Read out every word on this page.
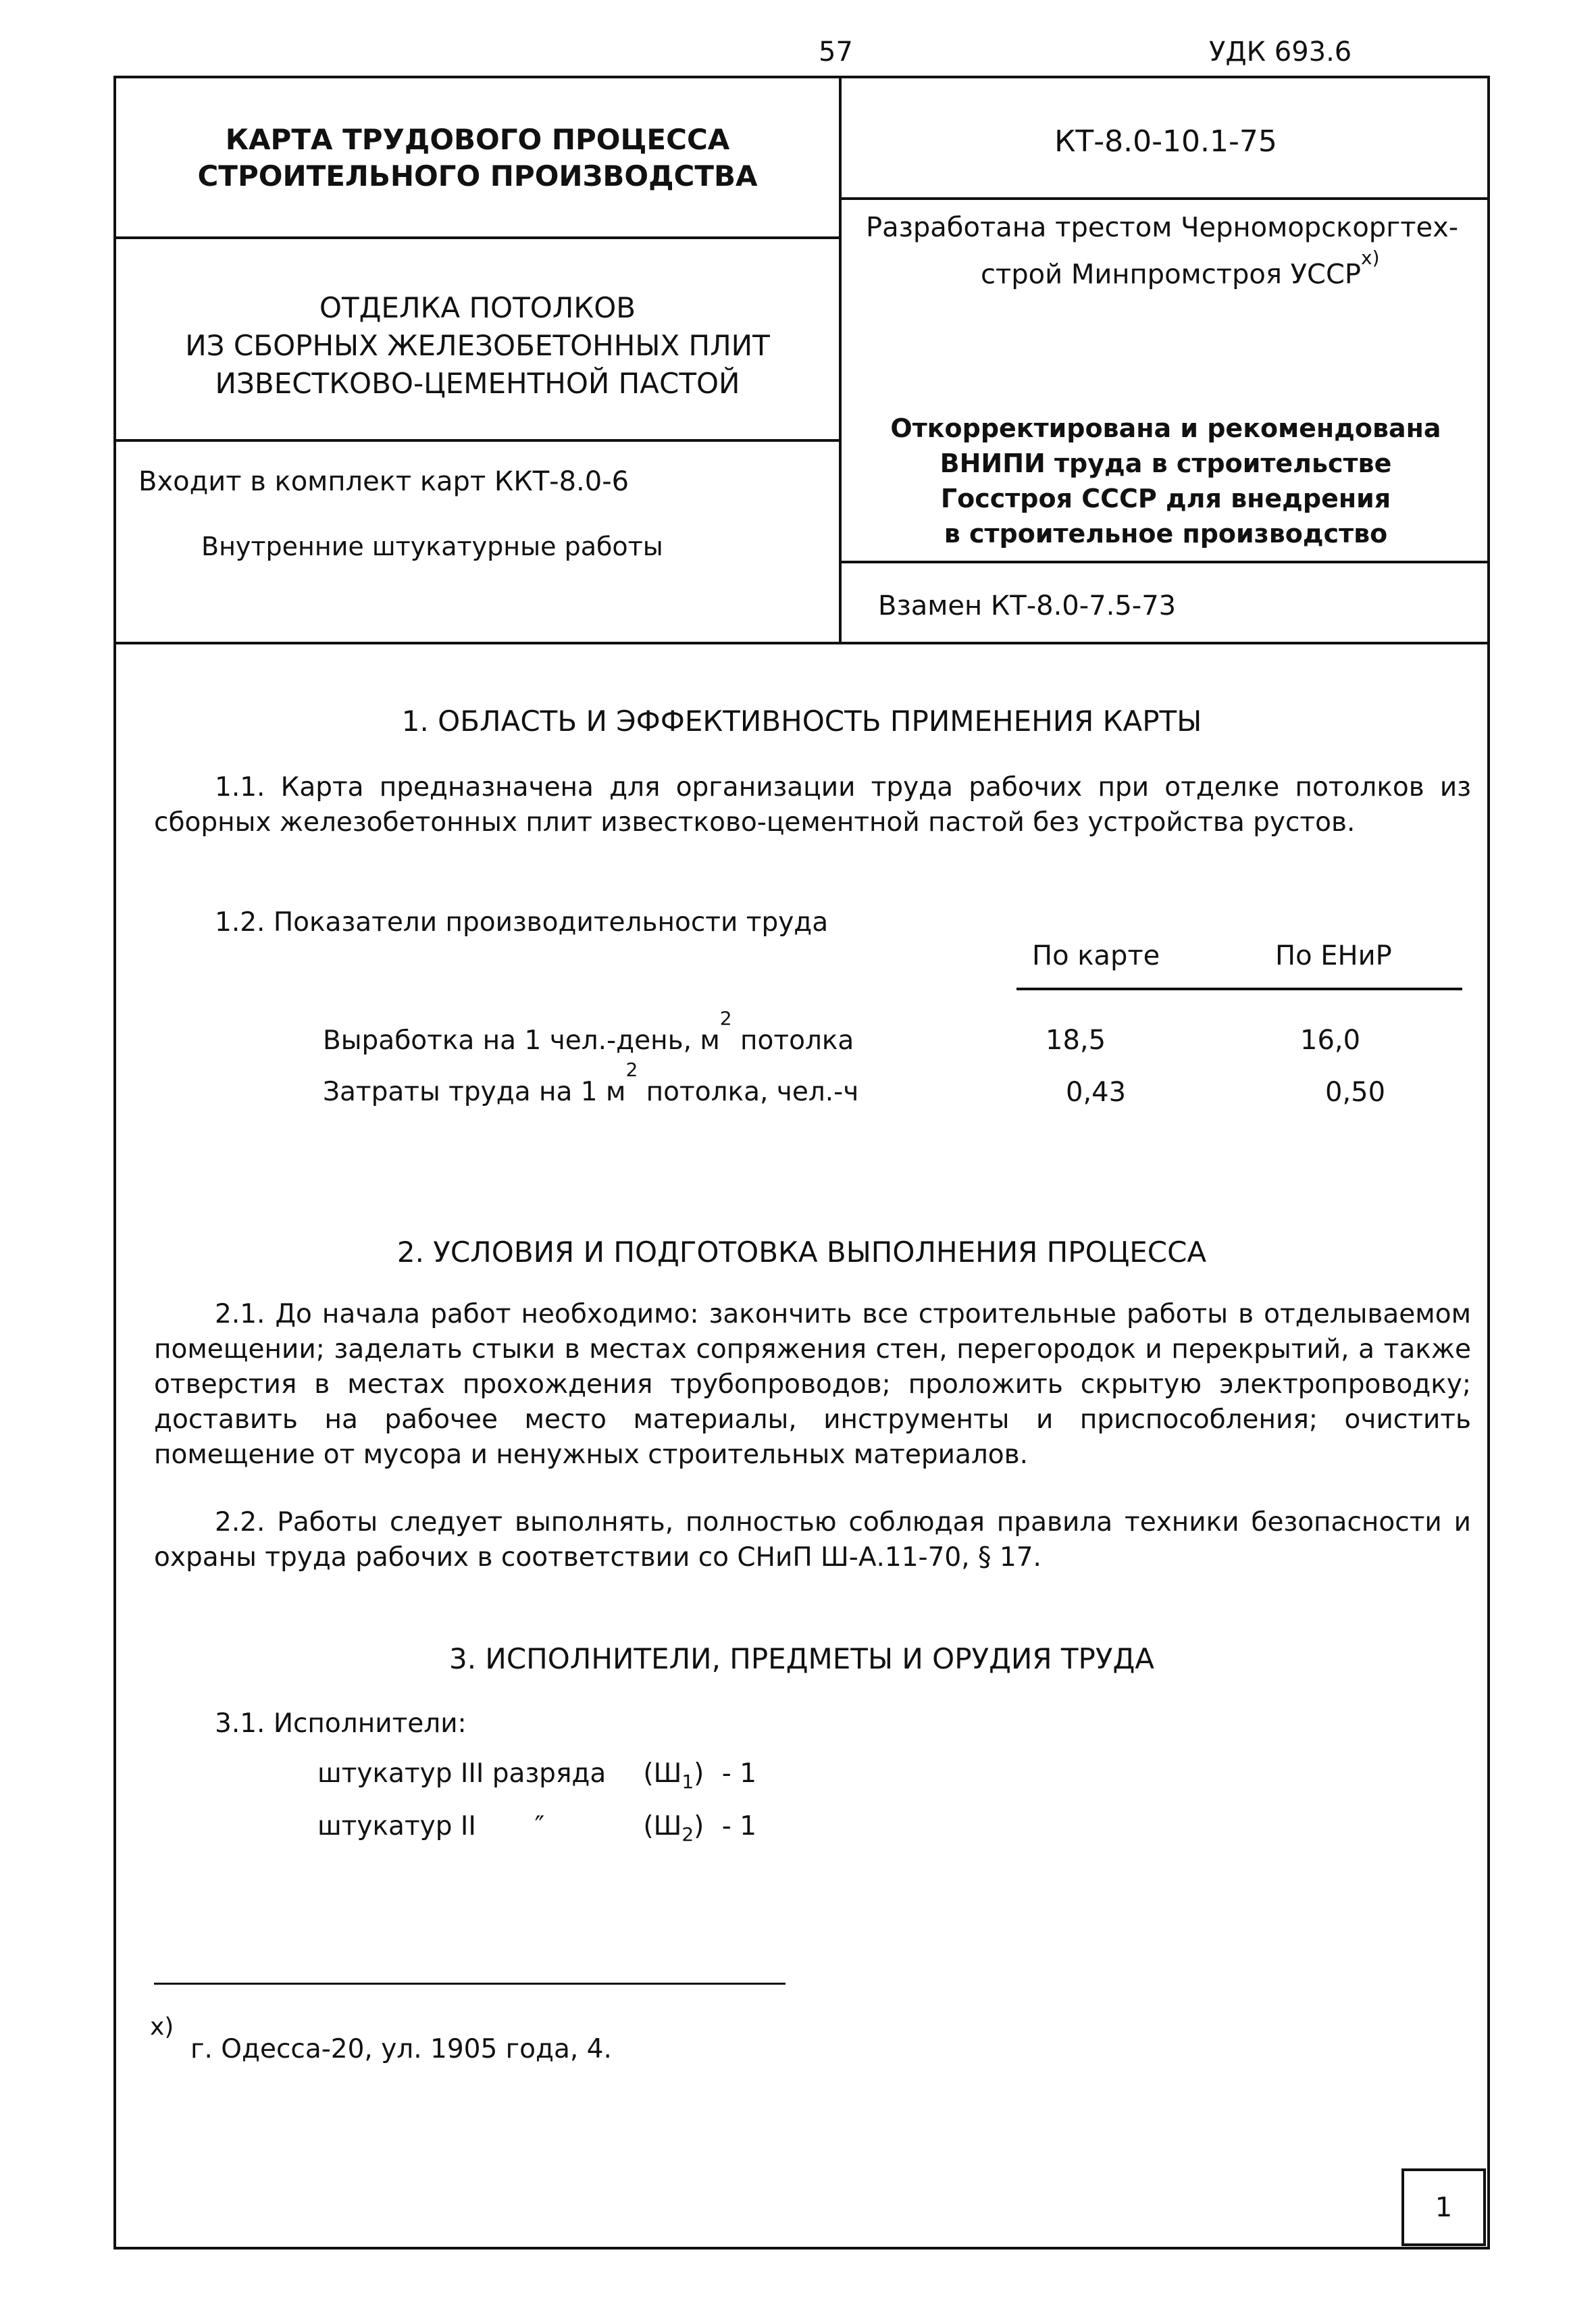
57	УДК 693.6
КАРТА ТРУДОВОГО ПРОЦЕССА
СТРОИТЕЛЬНОГО ПРОИЗВОДСТВА
КТ-8.0-10.1-75
ОТДЕЛКА ПОТОЛКОВ
ИЗ СБОРНЫХ ЖЕЛЕЗОБЕТОННЫХ ПЛИТ
ИЗВЕСТКОВО-ЦЕМЕНТНОЙ ПАСТОЙ
Разработана трестом Черноморскоргтех-
строй Минпромстроя УССР$^{x)}$
Откорректирована и рекомендована
ВНИПИ труда в строительстве
Госстроя СССР для внедрения
в строительное производство
Входит в комплект карт ККТ-8.0-6
Внутренние штукатурные работы
Взамен КТ-8.0-7.5-73
1. ОБЛАСТЬ И ЭФФЕКТИВНОСТЬ ПРИМЕНЕНИЯ КАРТЫ
1.1. Карта предназначена для организации труда рабочих при отделке потолков из сборных железобетонных плит известково-цементной пастой без устройства рустов.
1.2. Показатели производительности труда
По карте	По ЕНиР
Выработка на 1 чел.-день, $м^2$ потолка	18,5	16,0
Затраты труда на 1 $м^2$ потолка, чел.-ч	0,43	0,50
2. УСЛОВИЯ И ПОДГОТОВКА ВЫПОЛНЕНИЯ ПРОЦЕССА
2.1. До начала работ необходимо: закончить все строительные работы в отделываемом помещении; заделать стыки в местах сопряжения стен, перегородок и перекрытий, а также отверстия в местах прохождения трубопроводов; проложить скрытую электропроводку; доставить на рабочее место материалы, инструменты и приспособления; очистить помещение от мусора и ненужных строительных материалов.
2.2. Работы следует выполнять, полностью соблюдая правила техники безопасности и охраны труда рабочих в соответствии со СНиП Ш-А.11-70, § 17.
3. ИСПОЛНИТЕЛИ, ПРЕДМЕТЫ И ОРУДИЯ ТРУДА
3.1. Исполнители:
штукатур III разряда $(Ш_1) - 1$
штукатур II       ″	$(Ш_2) - 1$
x)
г. Одесса-20, ул. 1905 года, 4.
1
